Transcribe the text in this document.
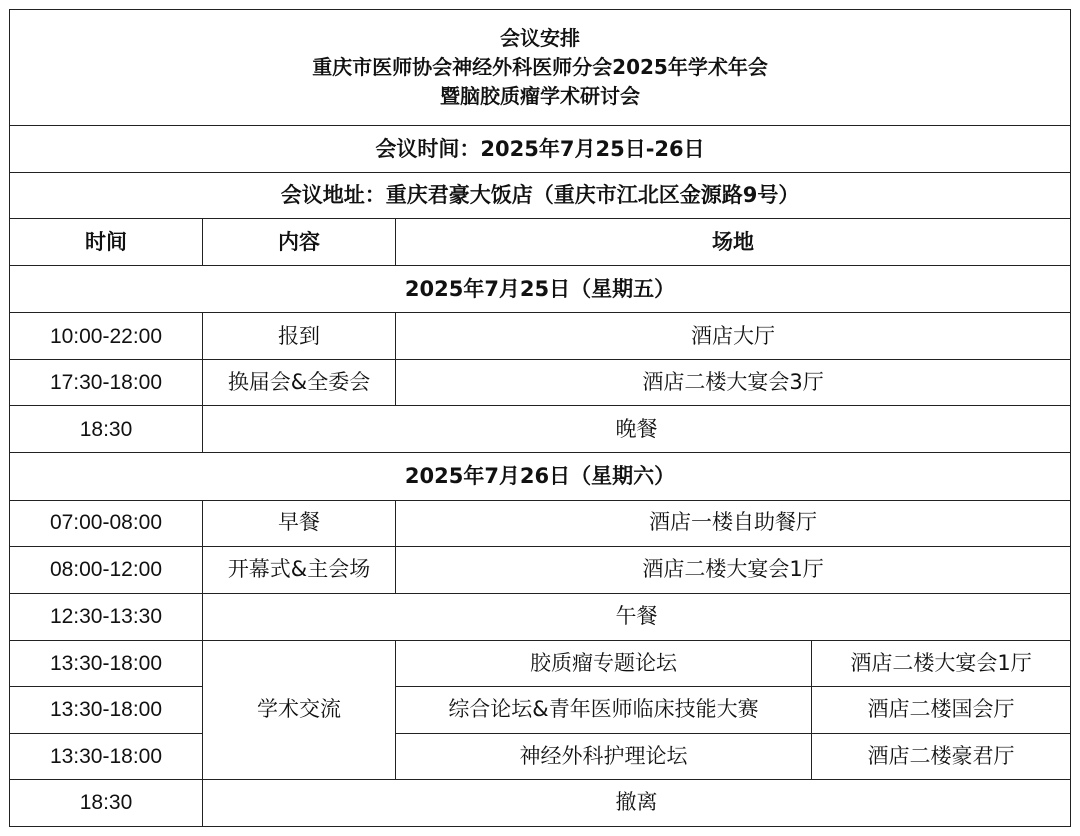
会议安排
重庆市医师协会神经外科医师分会2025年学术年会
暨脑胶质瘤学术研讨会			

会议时间：2025年7月25日-26日			
会议地址：重庆君豪大饭店（重庆市江北区金源路9号）			
时间	内容	场地	
2025年7月25日（星期五）			
10:00-22:00	报到	酒店大厅	
17:30-18:00	换届会&全委会	酒店二楼大宴会3厅	
18:30	晚餐		
2025年7月26日（星期六）			
07:00-08:00	早餐	酒店一楼自助餐厅	
08:00-12:00	开幕式&主会场	酒店二楼大宴会1厅	
12:30-13:30	午餐		
13:30-18:00	学术交流	胶质瘤专题论坛	酒店二楼大宴会1厅
13:30-18:00		综合论坛&青年医师临床技能大赛	酒店二楼国会厅
13:30-18:00		神经外科护理论坛	酒店二楼豪君厅
18:30	撤离		
